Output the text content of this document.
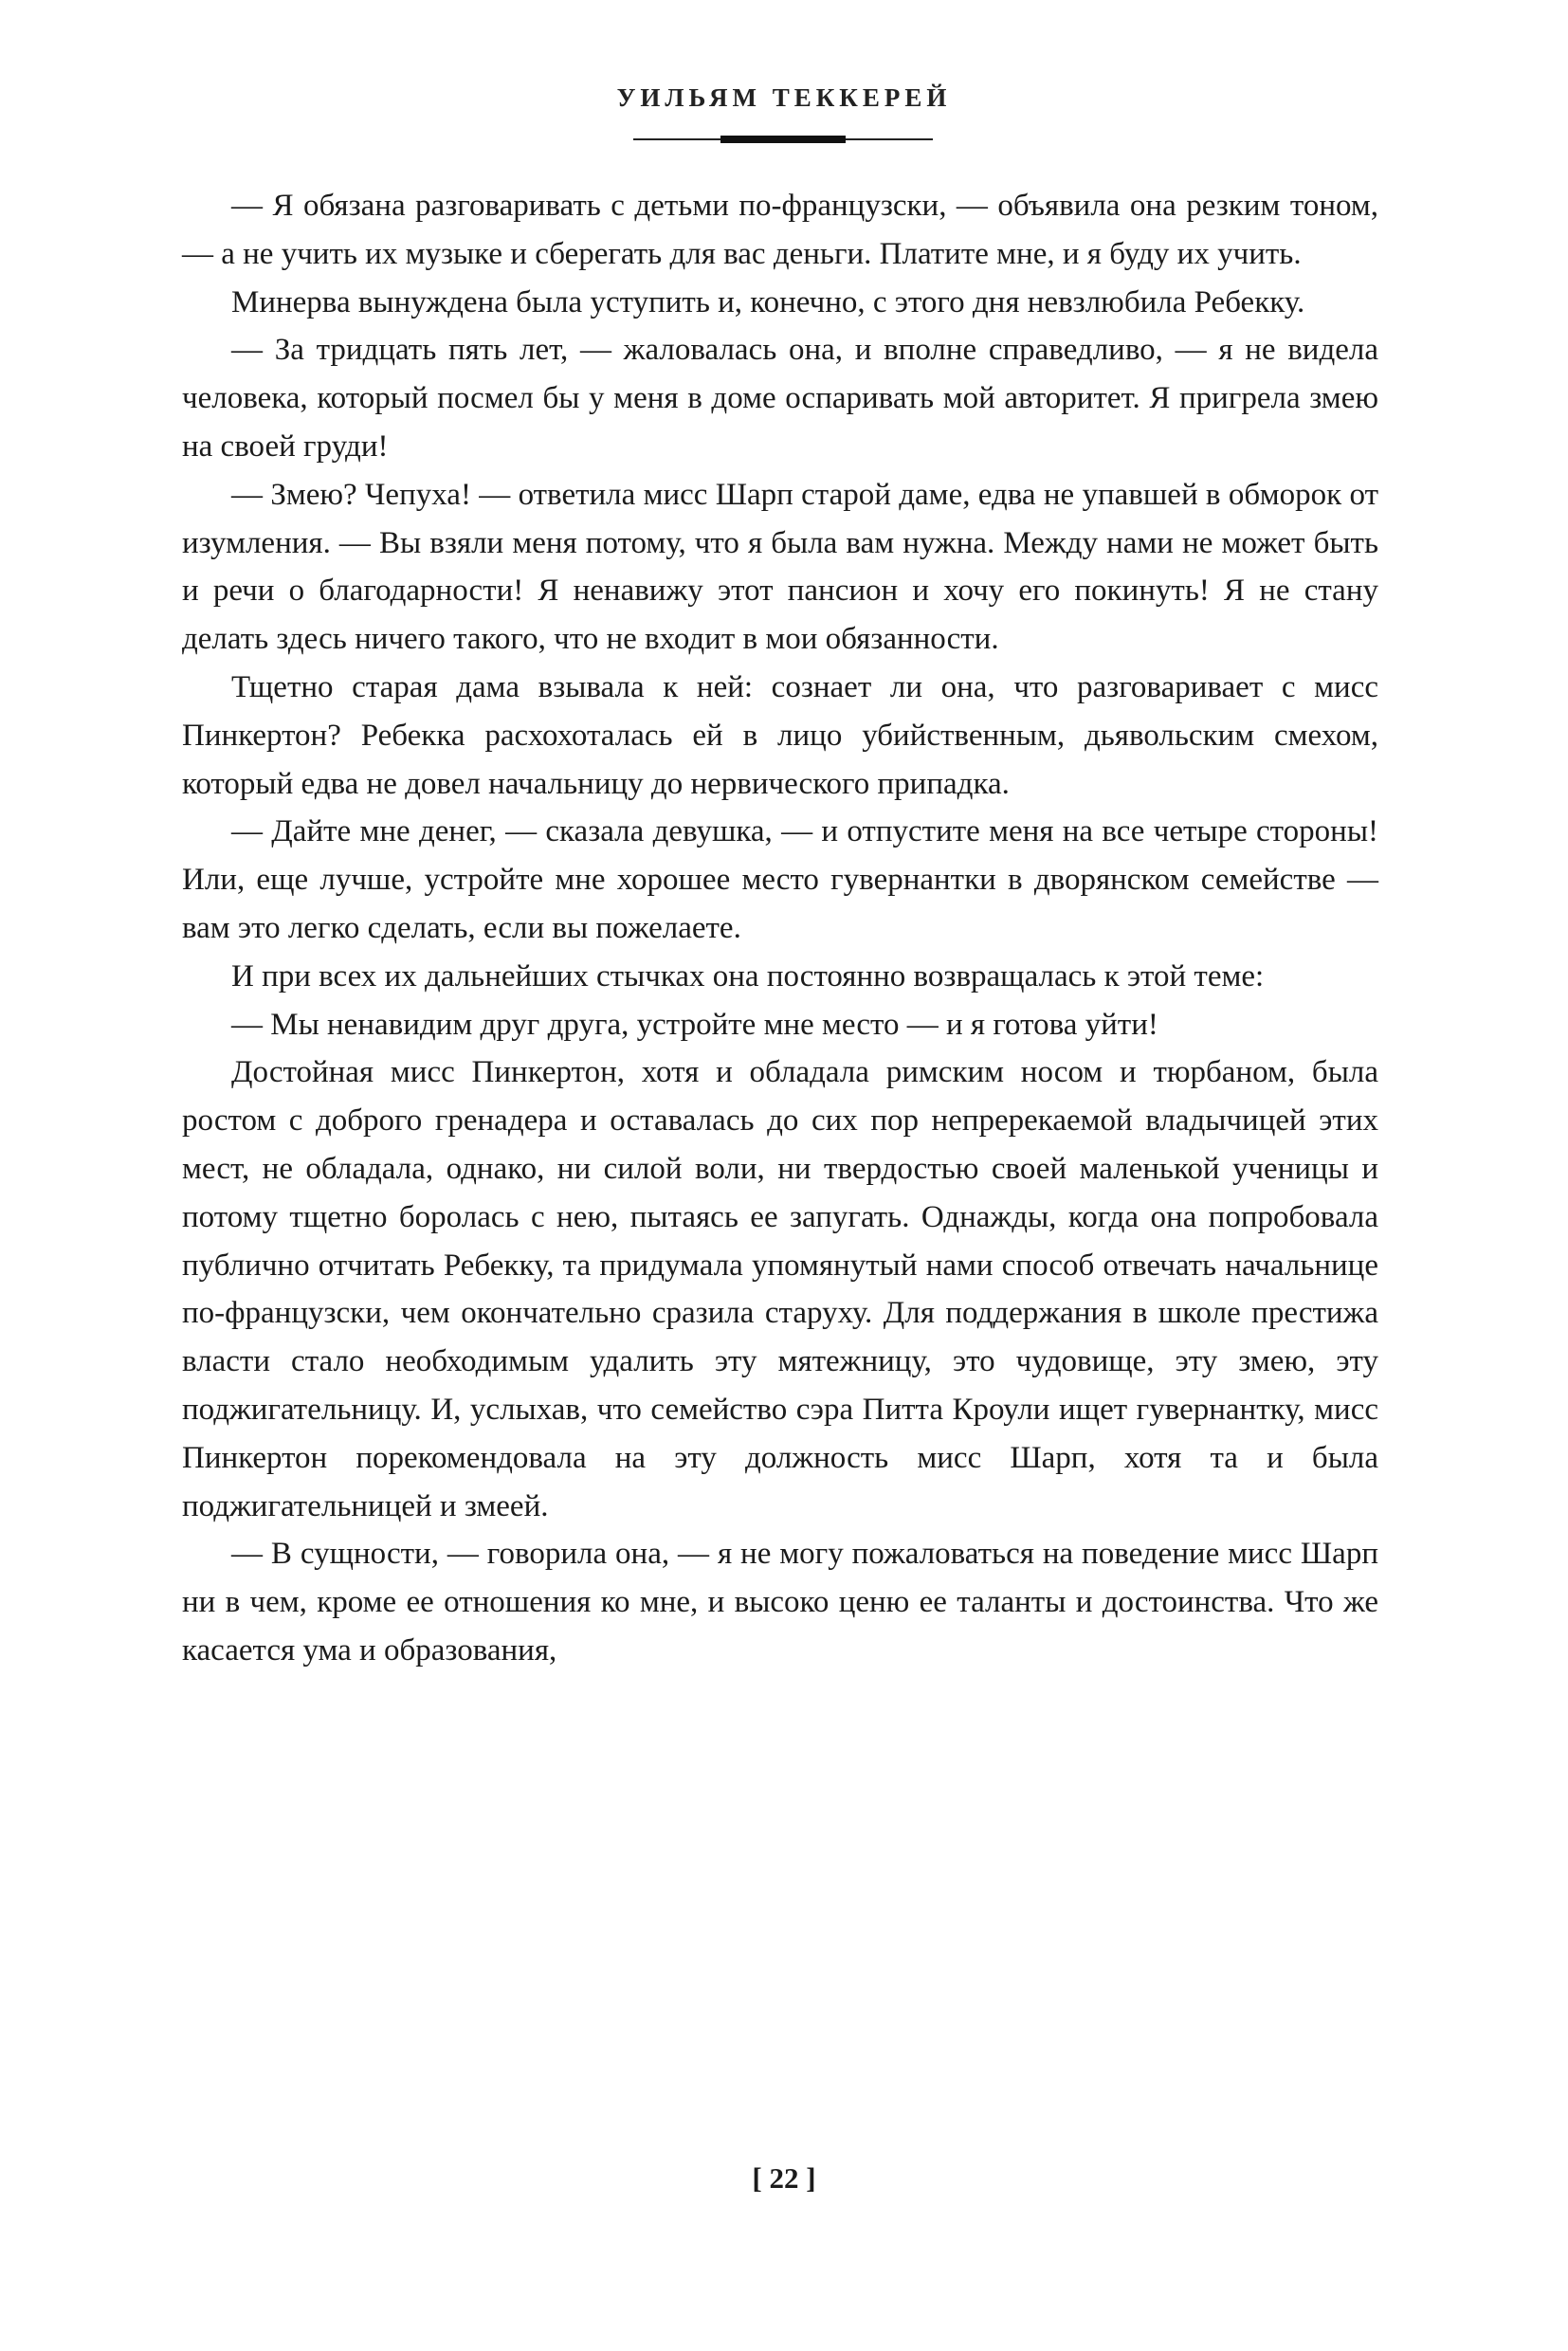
УИЛЬЯМ ТЕККЕРЕЙ

— Я обязана разговаривать с детьми по-французски, — объявила она резким тоном, — а не учить их музыке и сберегать для вас деньги. Платите мне, и я буду их учить.

Минерва вынуждена была уступить и, конечно, с этого дня невзлюбила Ребекку.

— За тридцать пять лет, — жаловалась она, и вполне справедливо, — я не видела человека, который посмел бы у меня в доме оспаривать мой авторитет. Я пригрела змею на своей груди!

— Змею? Чепуха! — ответила мисс Шарп старой даме, едва не упавшей в обморок от изумления. — Вы взяли меня потому, что я была вам нужна. Между нами не может быть и речи о благодарности! Я ненавижу этот пансион и хочу его покинуть! Я не стану делать здесь ничего такого, что не входит в мои обязанности.

Тщетно старая дама взывала к ней: сознает ли она, что разговаривает с мисс Пинкертон? Ребекка расхохоталась ей в лицо убийственным, дьявольским смехом, который едва не довел начальницу до нервического припадка.

— Дайте мне денег, — сказала девушка, — и отпустите меня на все четыре стороны! Или, еще лучше, устройте мне хорошее место гувернантки в дворянском семействе — вам это легко сделать, если вы пожелаете.

И при всех их дальнейших стычках она постоянно возвращалась к этой теме:

— Мы ненавидим друг друга, устройте мне место — и я готова уйти!

Достойная мисс Пинкертон, хотя и обладала римским носом и тюрбаном, была ростом с доброго гренадера и оставалась до сих пор непререкаемой владычицей этих мест, не обладала, однако, ни силой воли, ни твердостью своей маленькой ученицы и потому тщетно боролась с нею, пытаясь ее запугать. Однажды, когда она попробовала публично отчитать Ребекку, та придумала упомянутый нами способ отвечать начальнице по-французски, чем окончательно сразила старуху. Для поддержания в школе престижа власти стало необходимым удалить эту мятежницу, это чудовище, эту змею, эту поджигательницу. И, услыхав, что семейство сэра Питта Кроули ищет гувернантку, мисс Пинкертон порекомендовала на эту должность мисс Шарп, хотя та и была поджигательницей и змеей.

— В сущности, — говорила она, — я не могу пожаловаться на поведение мисс Шарп ни в чем, кроме ее отношения ко мне, и высоко ценю ее таланты и достоинства. Что же касается ума и образования,

[ 22 ]
